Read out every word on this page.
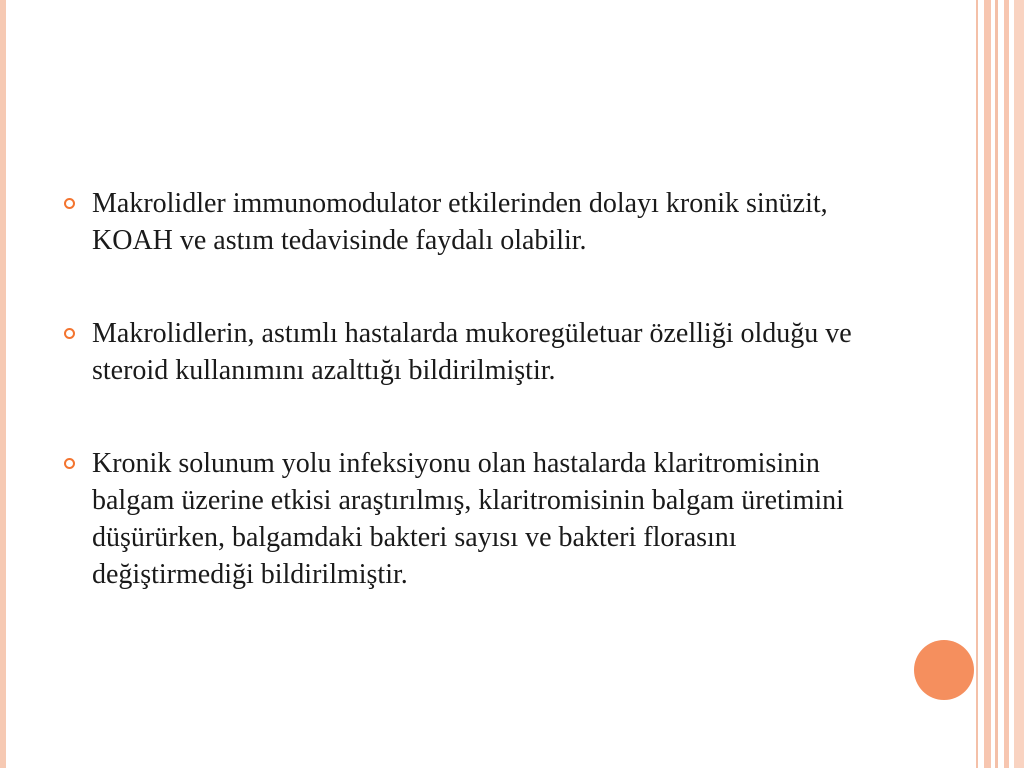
Makrolidler immunomodulator etkilerinden dolayı kronik sinüzit, KOAH ve astım tedavisinde faydalı olabilir.
Makrolidlerin, astımlı hastalarda mukoregületuar özelliği olduğu ve steroid kullanımını azalttığı bildirilmiştir.
Kronik solunum yolu infeksiyonu olan hastalarda klaritromisinin balgam üzerine etkisi araştırılmış, klaritromisinin balgam üretimini düşürürken, balgamdaki bakteri sayısı ve bakteri florasını değiştirmediği bildirilmiştir.
